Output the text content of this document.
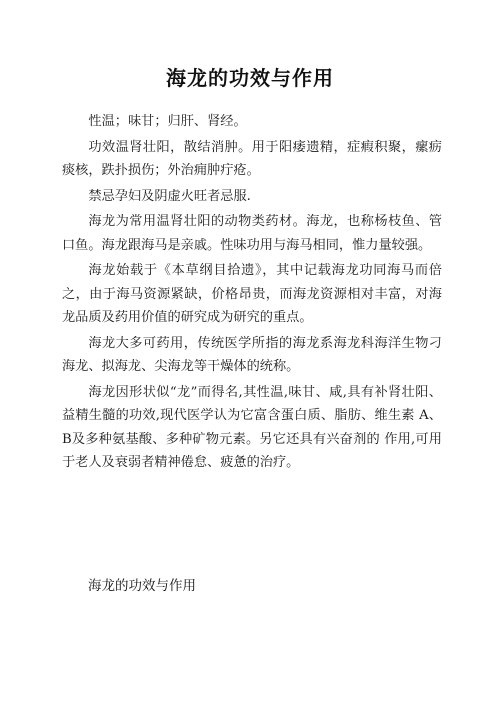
海龙的功效与作用

性温；味甘；归肝、肾经。

功效温肾壮阳，散结消肿。用于阳痿遗精，症瘕积聚，瘰疬痰核，跌扑损伤；外治痈肿疔疮。

禁忌孕妇及阴虚火旺者忌服.

海龙为常用温肾壮阳的动物类药材。海龙，也称杨枝鱼、管口鱼。海龙跟海马是亲戚。性味功用与海马相同，惟力量较强。

海龙始载于《本草纲目拾遗》，其中记载海龙功同海马而倍之，由于海马资源紧缺，价格昂贵，而海龙资源相对丰富，对海龙品质及药用价值的研究成为研究的重点。

海龙大多可药用，传统医学所指的海龙系海龙科海洋生物刁海龙、拟海龙、尖海龙等干燥体的统称。

海龙因形状似“龙”而得名,其性温,味甘、咸,具有补肾壮阳、 益精生髓的功效,现代医学认为它富含蛋白质、脂肪、维生素 A、B及多种氨基酸、多种矿物元素。另它还具有兴奋剂的 作用,可用于老人及衰弱者精神倦怠、疲惫的治疗。

海龙的功效与作用
